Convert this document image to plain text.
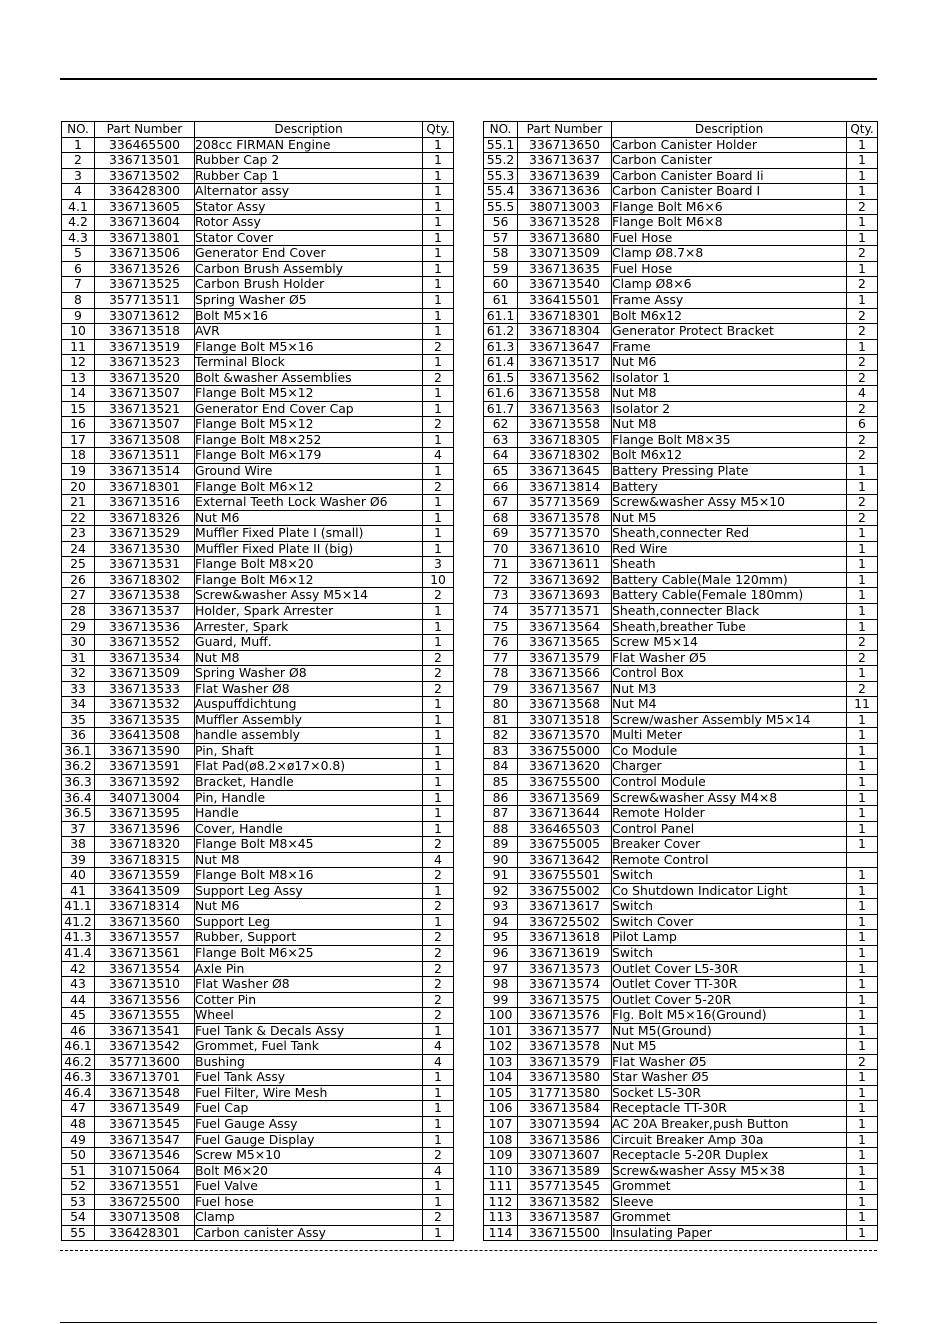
NO.	Part Number	Description	Qty.
1	336465500	208cc FIRMAN Engine	1
2	336713501	Rubber Cap 2	1
3	336713502	Rubber Cap 1	1
4	336428300	Alternator assy	1
4.1	336713605	Stator Assy	1
4.2	336713604	Rotor Assy	1
4.3	336713801	Stator Cover	1
5	336713506	Generator End Cover	1
6	336713526	Carbon Brush Assembly	1
7	336713525	Carbon Brush Holder	1
8	357713511	Spring Washer Ø5	1
9	330713612	Bolt M5×16	1
10	336713518	AVR	1
11	336713519	Flange Bolt M5×16	2
12	336713523	Terminal Block	1
13	336713520	Bolt &washer Assemblies	2
14	336713507	Flange Bolt M5×12	1
15	336713521	Generator End Cover Cap	1
16	336713507	Flange Bolt M5×12	2
17	336713508	Flange Bolt M8×252	1
18	336713511	Flange Bolt M6×179	4
19	336713514	Ground Wire	1
20	336718301	Flange Bolt M6×12	2
21	336713516	External Teeth Lock Washer Ø6	1
22	336718326	Nut M6	1
23	336713529	Muffler Fixed Plate I (small)	1
24	336713530	Muffler Fixed Plate II (big)	1
25	336713531	Flange Bolt M8×20	3
26	336718302	Flange Bolt M6×12	10
27	336713538	Screw&washer Assy M5×14	2
28	336713537	Holder, Spark Arrester	1
29	336713536	Arrester, Spark	1
30	336713552	Guard, Muff.	1
31	336713534	Nut M8	2
32	336713509	Spring Washer Ø8	2
33	336713533	Flat Washer Ø8	2
34	336713532	Auspuffdichtung	1
35	336713535	Muffler Assembly	1
36	336413508	handle assembly	1
36.1	336713590	Pin, Shaft	1
36.2	336713591	Flat Pad(ø8.2×ø17×0.8)	1
36.3	336713592	Bracket, Handle	1
36.4	340713004	Pin, Handle	1
36.5	336713595	Handle	1
37	336713596	Cover, Handle	1
38	336718320	Flange Bolt M8×45	2
39	336718315	Nut M8	4
40	336713559	Flange Bolt M8×16	2
41	336413509	Support Leg Assy	1
41.1	336718314	Nut M6	2
41.2	336713560	Support Leg	1
41.3	336713557	Rubber, Support	2
41.4	336713561	Flange Bolt M6×25	2
42	336713554	Axle Pin	2
43	336713510	Flat Washer Ø8	2
44	336713556	Cotter Pin	2
45	336713555	Wheel	2
46	336713541	Fuel Tank & Decals Assy	1
46.1	336713542	Grommet, Fuel Tank	4
46.2	357713600	Bushing	4
46.3	336713701	Fuel Tank Assy	1
46.4	336713548	Fuel Filter, Wire Mesh	1
47	336713549	Fuel Cap	1
48	336713545	Fuel Gauge Assy	1
49	336713547	Fuel Gauge Display	1
50	336713546	Screw M5×10	2
51	310715064	Bolt M6×20	4
52	336713551	Fuel Valve	1
53	336725500	Fuel hose	1
54	330713508	Clamp	2
55	336428301	Carbon canister Assy	1
NO.	Part Number	Description	Qty.
55.1	336713650	Carbon Canister Holder	1
55.2	336713637	Carbon Canister	1
55.3	336713639	Carbon Canister Board Ii	1
55.4	336713636	Carbon Canister Board I	1
55.5	380713003	Flange Bolt M6×6	2
56	336713528	Flange Bolt M6×8	1
57	336713680	Fuel Hose	1
58	330713509	Clamp Ø8.7×8	2
59	336713635	Fuel Hose	1
60	336713540	Clamp Ø8×6	2
61	336415501	Frame Assy	1
61.1	336718301	Bolt M6x12	2
61.2	336718304	Generator Protect Bracket	2
61.3	336713647	Frame	1
61.4	336713517	Nut M6	2
61.5	336713562	Isolator 1	2
61.6	336713558	Nut M8	4
61.7	336713563	Isolator 2	2
62	336713558	Nut M8	6
63	336718305	Flange Bolt M8×35	2
64	336718302	Bolt M6x12	2
65	336713645	Battery Pressing Plate	1
66	336713814	Battery	1
67	357713569	Screw&washer Assy M5×10	2
68	336713578	Nut M5	2
69	357713570	Sheath,connecter Red	1
70	336713610	Red Wire	1
71	336713611	Sheath	1
72	336713692	Battery Cable(Male 120mm)	1
73	336713693	Battery Cable(Female 180mm)	1
74	357713571	Sheath,connecter Black	1
75	336713564	Sheath,breather Tube	1
76	336713565	Screw M5×14	2
77	336713579	Flat Washer Ø5	2
78	336713566	Control Box	1
79	336713567	Nut M3	2
80	336713568	Nut M4	11
81	330713518	Screw/washer Assembly M5×14	1
82	336713570	Multi Meter	1
83	336755000	Co Module	1
84	336713620	Charger	1
85	336755500	Control Module	1
86	336713569	Screw&washer Assy M4×8	1
87	336713644	Remote Holder	1
88	336465503	Control Panel	1
89	336755005	Breaker Cover	1
90	336713642	Remote Control	
91	336755501	Switch	1
92	336755002	Co Shutdown Indicator Light	1
93	336713617	Switch	1
94	336725502	Switch Cover	1
95	336713618	Pilot Lamp	1
96	336713619	Switch	1
97	336713573	Outlet Cover L5-30R	1
98	336713574	Outlet Cover TT-30R	1
99	336713575	Outlet Cover 5-20R	1
100	336713576	Flg. Bolt M5×16(Ground)	1
101	336713577	Nut M5(Ground)	1
102	336713578	Nut M5	1
103	336713579	Flat Washer Ø5	2
104	336713580	Star Washer Ø5	1
105	317713580	Socket L5-30R	1
106	336713584	Receptacle TT-30R	1
107	330713594	AC 20A Breaker,push Button	1
108	336713586	Circuit Breaker Amp 30a	1
109	330713607	Receptacle 5-20R Duplex	1
110	336713589	Screw&washer Assy M5×38	1
111	357713545	Grommet	1
112	336713582	Sleeve	1
113	336713587	Grommet	1
114	336715500	Insulating Paper	1
